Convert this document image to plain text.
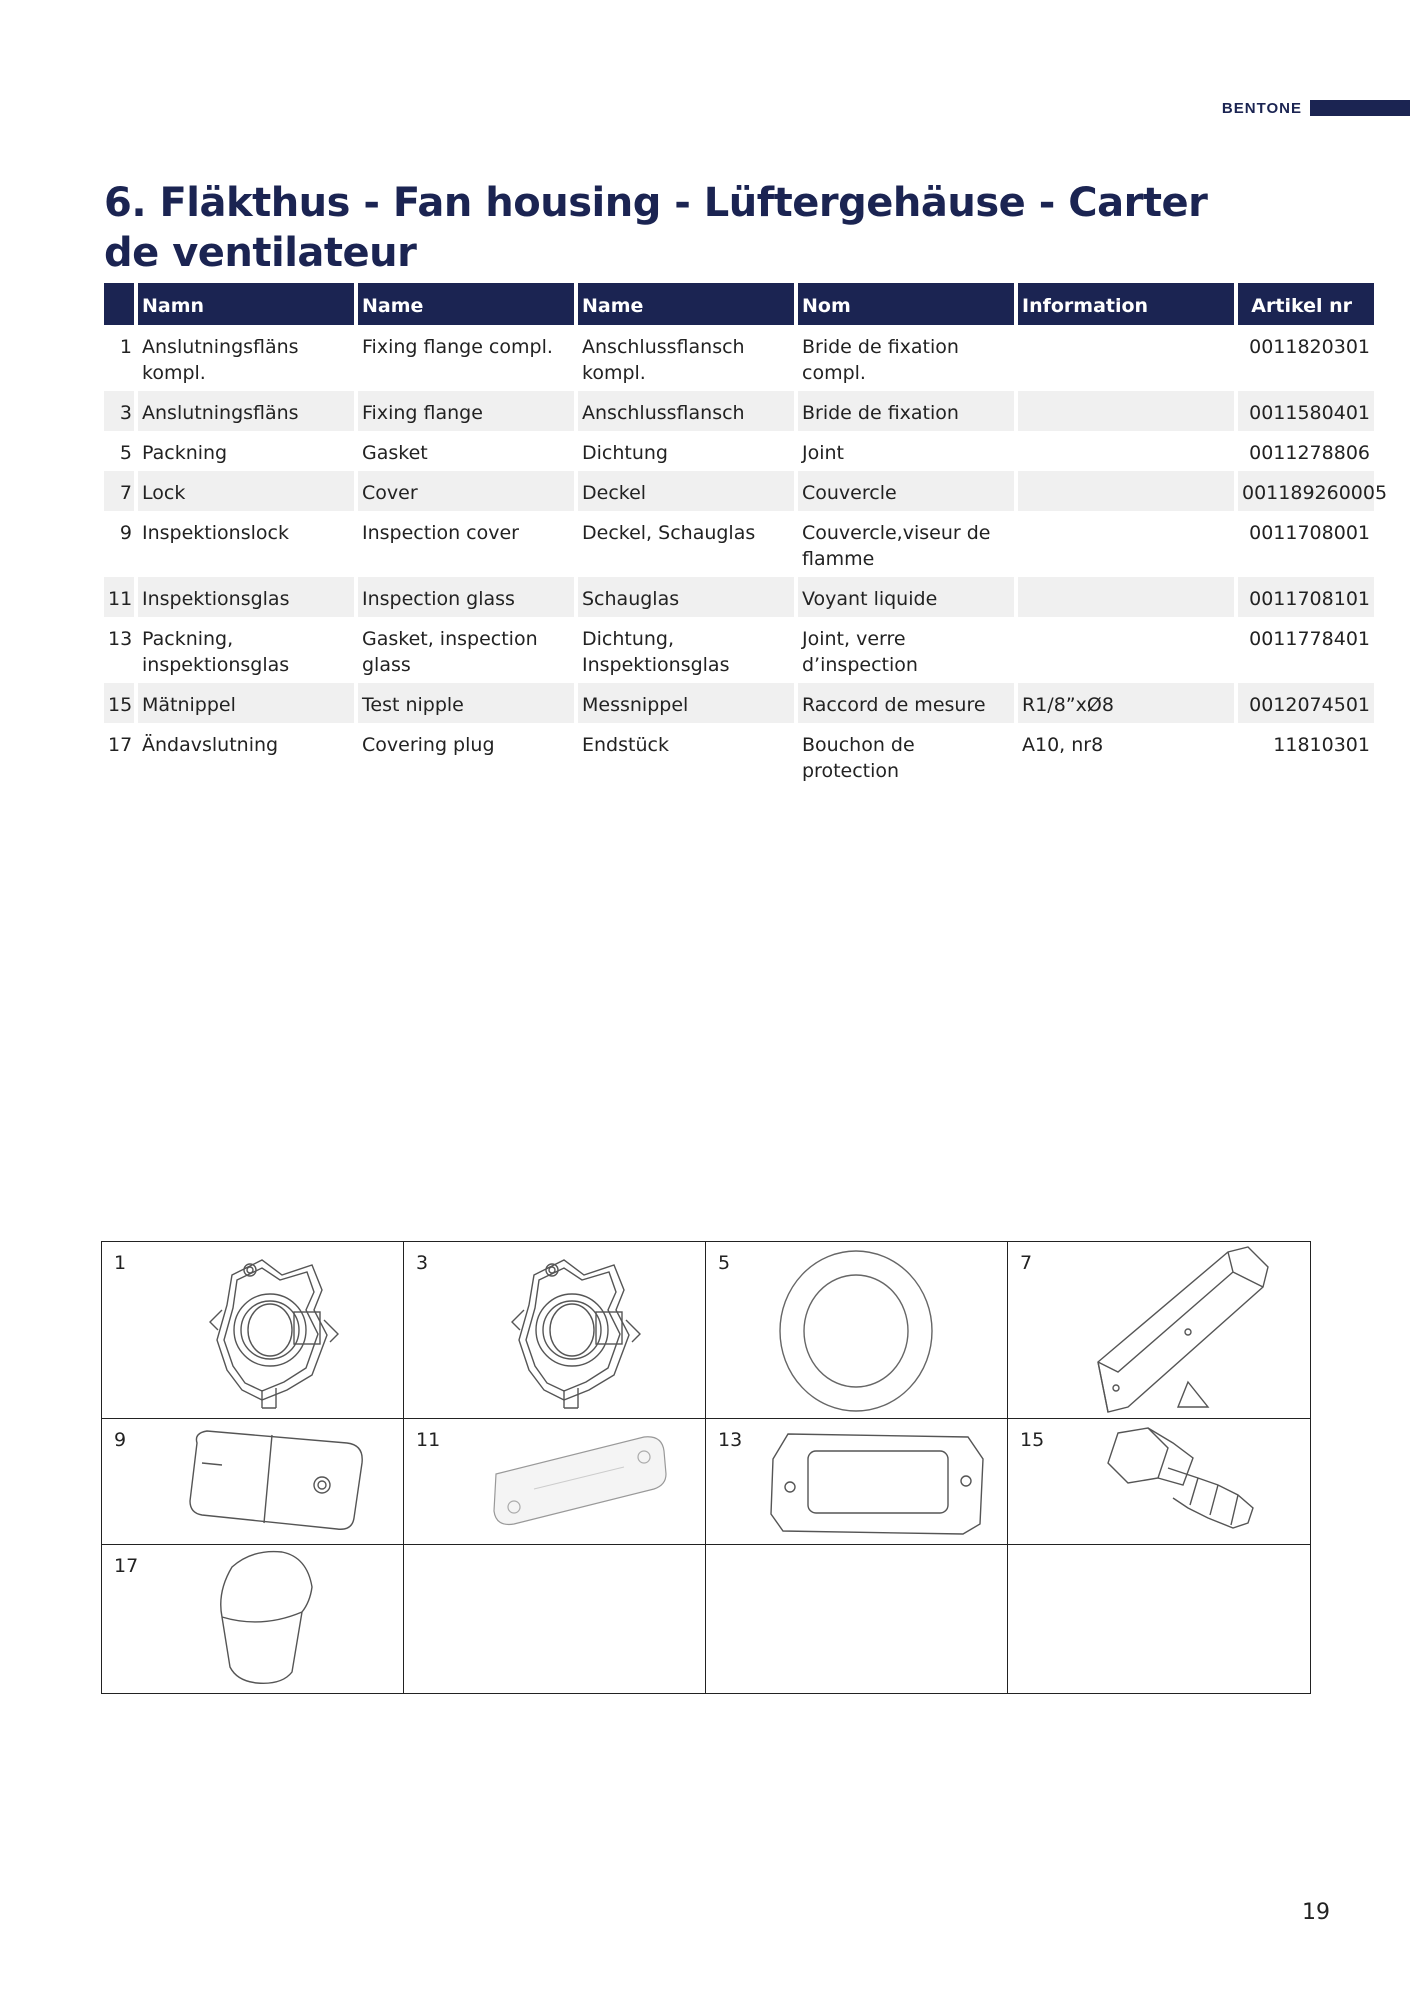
BENTONE
6. Fläkthus - Fan housing - Lüftergehäuse - Carter de ventilateur
	Namn	Name	Name	Nom	Information	Artikel nr
1	Anslutningsfläns kompl.	Fixing flange compl.	Anschlussflansch kompl.	Bride de fixation compl.		0011820301
3	Anslutningsfläns	Fixing flange	Anschlussflansch	Bride de fixation		0011580401
5	Packning	Gasket	Dichtung	Joint		0011278806
7	Lock	Cover	Deckel	Couvercle		001189260005
9	Inspektionslock	Inspection cover	Deckel, Schauglas	Couvercle,viseur de flamme		0011708001
11	Inspektionsglas	Inspection glass	Schauglas	Voyant liquide		0011708101
13	Packning, inspektionsglas	Gasket, inspection glass	Dichtung, Inspektionsglas	Joint, verre d’inspection		0011778401
15	Mätnippel	Test nipple	Messnippel	Raccord de mesure	R1/8”xØ8	0012074501
17	Ändavslutning	Covering plug	Endstück	Bouchon de protection	A10, nr8	11810301
1	3	5	7
9	11	13	15
17
19
